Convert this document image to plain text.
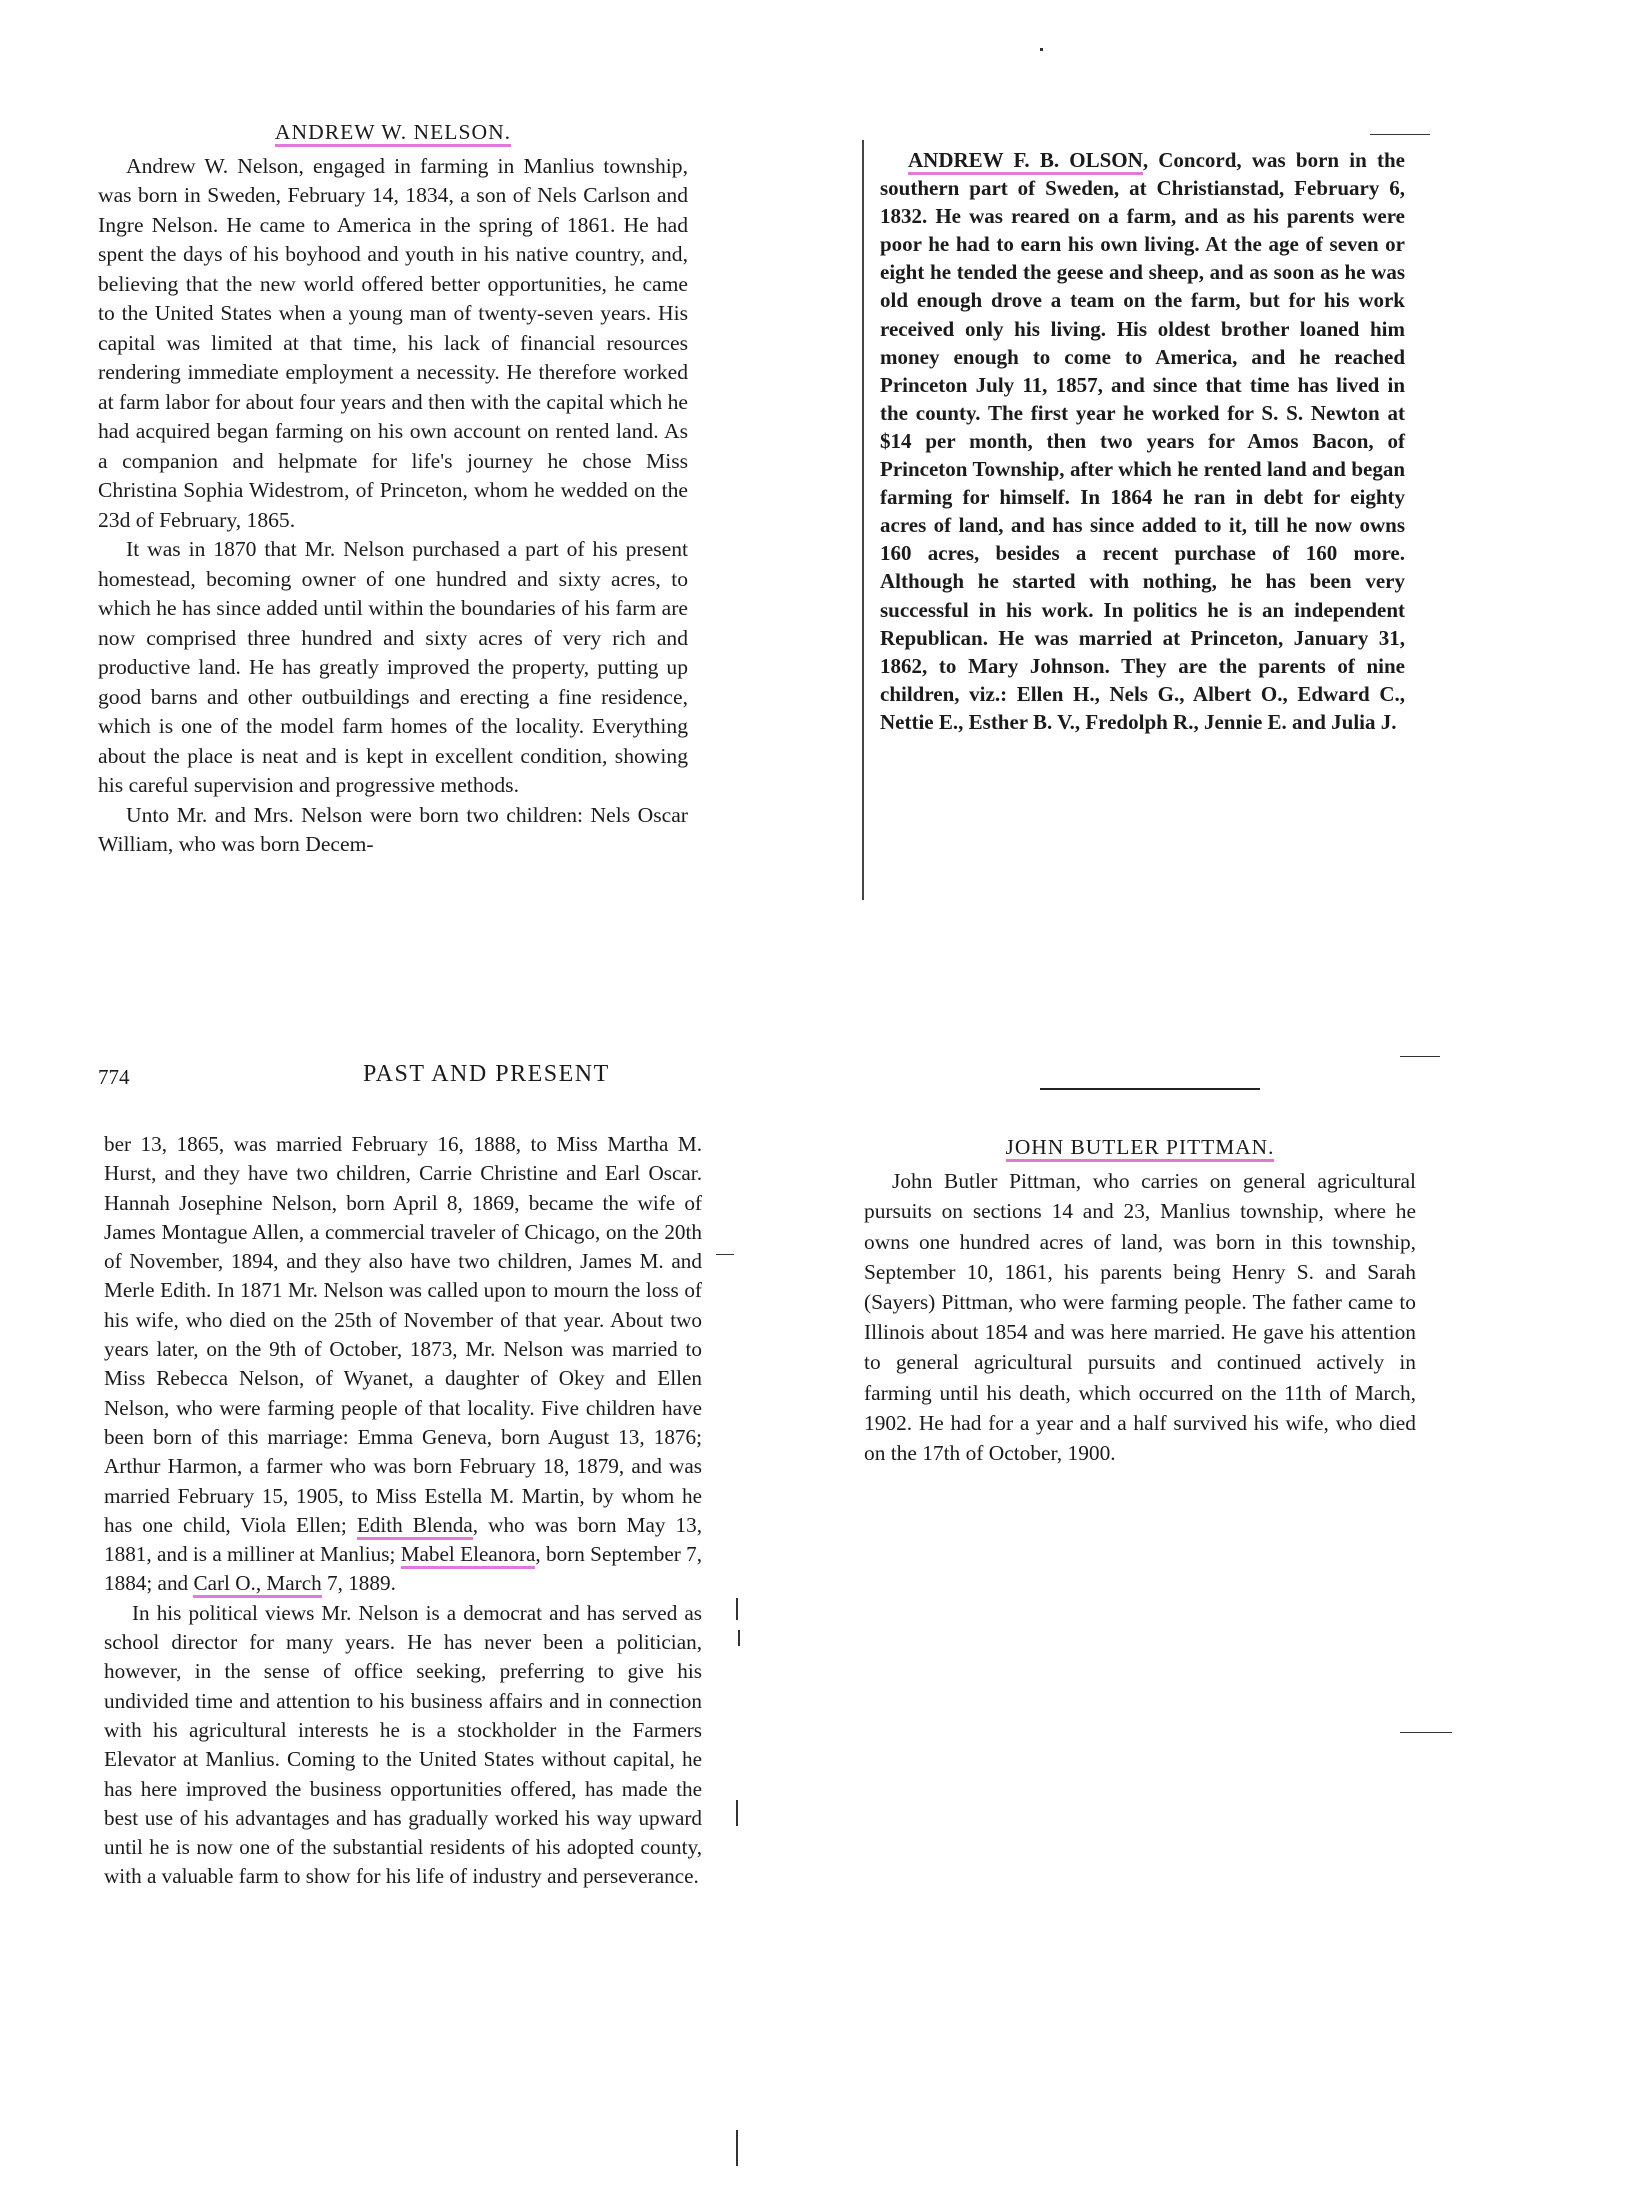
ANDREW W. NELSON.

Andrew W. Nelson, engaged in farming in Manlius township, was born in Sweden, February 14, 1834, a son of Nels Carlson and Ingre Nelson. He came to America in the spring of 1861. He had spent the days of his boyhood and youth in his native country, and, believing that the new world offered better opportunities, he came to the United States when a young man of twenty-seven years. His capital was limited at that time, his lack of financial resources rendering immediate employment a necessity. He therefore worked at farm labor for about four years and then with the capital which he had acquired began farming on his own account on rented land. As a companion and helpmate for life's journey he chose Miss Christina Sophia Widestrom, of Princeton, whom he wedded on the 23d of February, 1865.

It was in 1870 that Mr. Nelson purchased a part of his present homestead, becoming owner of one hundred and sixty acres, to which he has since added until within the boundaries of his farm are now comprised three hundred and sixty acres of very rich and productive land. He has greatly improved the property, putting up good barns and other outbuildings and erecting a fine residence, which is one of the model farm homes of the locality. Everything about the place is neat and is kept in excellent condition, showing his careful supervision and progressive methods.

Unto Mr. and Mrs. Nelson were born two children: Nels Oscar William, who was born Decem-

774	PAST AND PRESENT

ber 13, 1865, was married February 16, 1888, to Miss Martha M. Hurst, and they have two children, Carrie Christine and Earl Oscar. Hannah Josephine Nelson, born April 8, 1869, became the wife of James Montague Allen, a commercial traveler of Chicago, on the 20th of November, 1894, and they also have two children, James M. and Merle Edith. In 1871 Mr. Nelson was called upon to mourn the loss of his wife, who died on the 25th of November of that year. About two years later, on the 9th of October, 1873, Mr. Nelson was married to Miss Rebecca Nelson, of Wyanet, a daughter of Okey and Ellen Nelson, who were farming people of that locality. Five children have been born of this marriage: Emma Geneva, born August 13, 1876; Arthur Harmon, a farmer who was born February 18, 1879, and was married February 15, 1905, to Miss Estella M. Martin, by whom he has one child, Viola Ellen; Edith Blenda, who was born May 13, 1881, and is a milliner at Manlius; Mabel Eleanora, born September 7, 1884; and Carl O., March 7, 1889.

In his political views Mr. Nelson is a democrat and has served as school director for many years. He has never been a politician, however, in the sense of office seeking, preferring to give his undivided time and attention to his business affairs and in connection with his agricultural interests he is a stockholder in the Farmers Elevator at Manlius. Coming to the United States without capital, he has here improved the business opportunities offered, has made the best use of his advantages and has gradually worked his way upward until he is now one of the substantial residents of his adopted county, with a valuable farm to show for his life of industry and perseverance.

ANDREW F. B. OLSON, Concord, was born in the southern part of Sweden, at Christianstad, February 6, 1832. He was reared on a farm, and as his parents were poor he had to earn his own living. At the age of seven or eight he tended the geese and sheep, and as soon as he was old enough drove a team on the farm, but for his work received only his living. His oldest brother loaned him money enough to come to America, and he reached Princeton July 11, 1857, and since that time has lived in the county. The first year he worked for S. S. Newton at $14 per month, then two years for Amos Bacon, of Princeton Township, after which he rented land and began farming for himself. In 1864 he ran in debt for eighty acres of land, and has since added to it, till he now owns 160 acres, besides a recent purchase of 160 more. Although he started with nothing, he has been very successful in his work. In politics he is an independent Republican. He was married at Princeton, January 31, 1862, to Mary Johnson. They are the parents of nine children, viz.: Ellen H., Nels G., Albert O., Edward C., Nettie E., Esther B. V., Fredolph R., Jennie E. and Julia J.

JOHN BUTLER PITTMAN.

John Butler Pittman, who carries on general agricultural pursuits on sections 14 and 23, Manlius township, where he owns one hundred acres of land, was born in this township, September 10, 1861, his parents being Henry S. and Sarah (Sayers) Pittman, who were farming people. The father came to Illinois about 1854 and was here married. He gave his attention to general agricultural pursuits and continued actively in farming until his death, which occurred on the 11th of March, 1902. He had for a year and a half survived his wife, who died on the 17th of October, 1900.
